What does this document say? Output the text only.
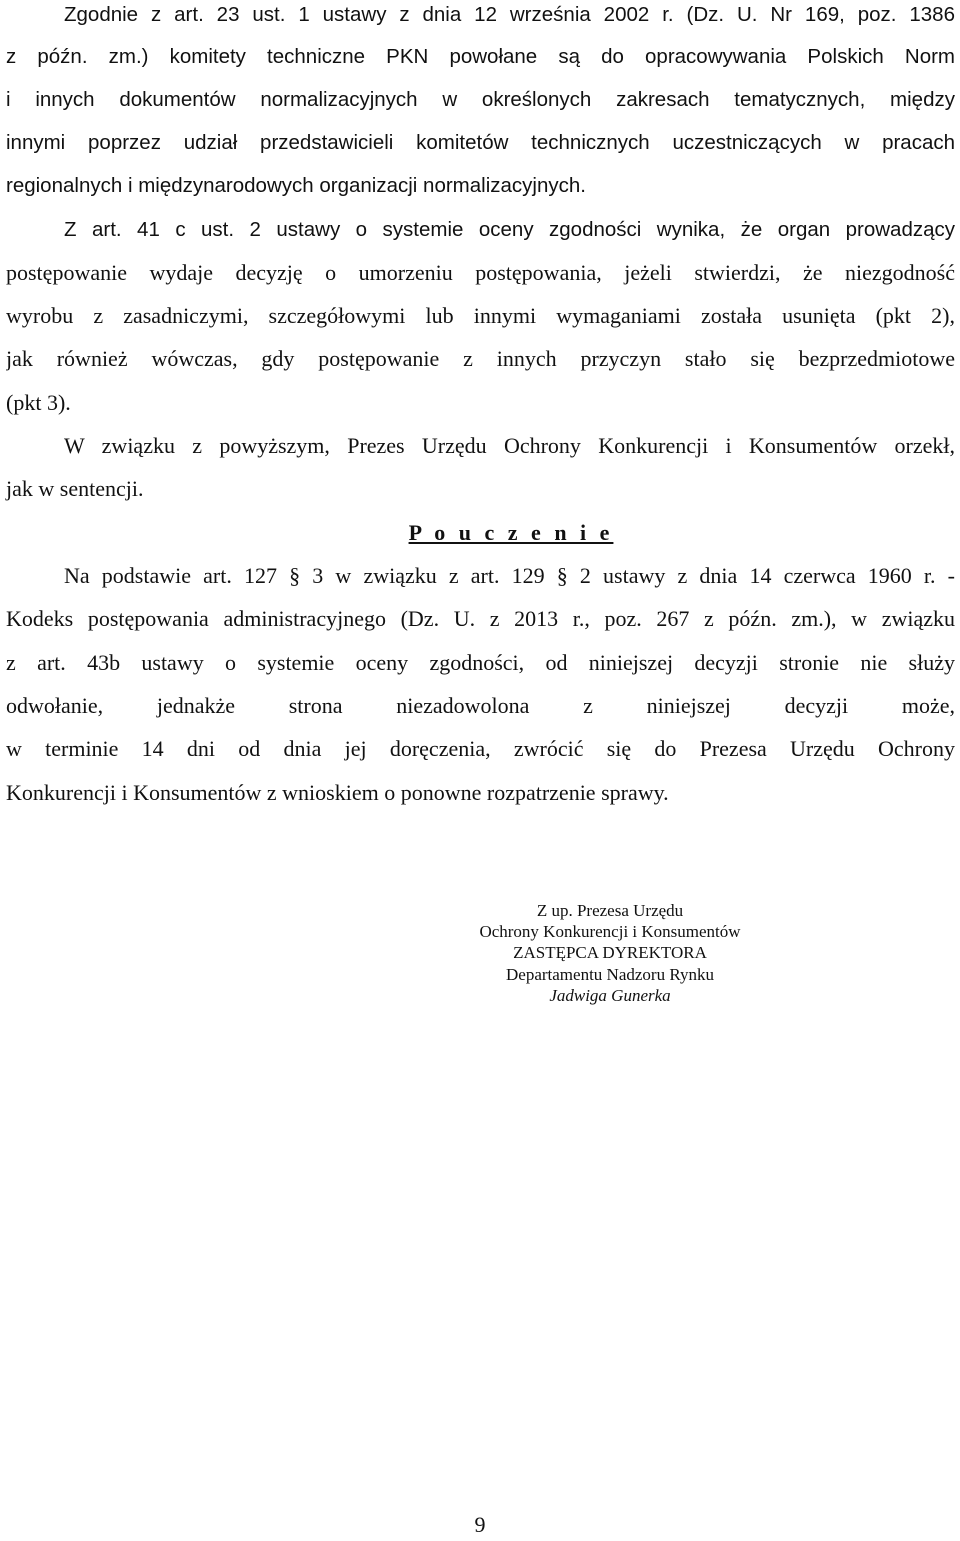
Zgodnie z art. 23 ust. 1 ustawy z dnia 12 września 2002 r. (Dz. U. Nr 169, poz. 1386
z późn. zm.) komitety techniczne PKN powołane są do opracowywania Polskich Norm
i innych dokumentów normalizacyjnych w określonych zakresach tematycznych, między
innymi poprzez udział przedstawicieli komitetów technicznych uczestniczących w pracach
regionalnych i międzynarodowych organizacji normalizacyjnych.
Z art. 41 c ust. 2 ustawy o systemie oceny zgodności wynika, że organ prowadzący
postępowanie wydaje decyzję o umorzeniu postępowania, jeżeli stwierdzi, że niezgodność
wyrobu z zasadniczymi, szczegółowymi lub innymi wymaganiami została usunięta (pkt 2),
jak również wówczas, gdy postępowanie z innych przyczyn stało się bezprzedmiotowe
(pkt 3).
W związku z powyższym, Prezes Urzędu Ochrony Konkurencji i Konsumentów orzekł,
jak w sentencji.
P o u c z e n i e
Na podstawie art. 127 § 3 w związku z art. 129 § 2 ustawy z dnia 14 czerwca 1960 r. -
Kodeks postępowania administracyjnego (Dz. U. z 2013 r., poz. 267 z późn. zm.), w związku
z art. 43b ustawy o systemie oceny zgodności, od niniejszej decyzji stronie nie służy
odwołanie, jednakże strona niezadowolona z niniejszej decyzji może,
w terminie 14 dni od dnia jej doręczenia, zwrócić się do Prezesa Urzędu Ochrony
Konkurencji i Konsumentów z wnioskiem o ponowne rozpatrzenie sprawy.
Z up. Prezesa Urzędu
Ochrony Konkurencji i Konsumentów
ZASTĘPCA DYREKTORA
Departamentu Nadzoru Rynku
Jadwiga Gunerka
9
